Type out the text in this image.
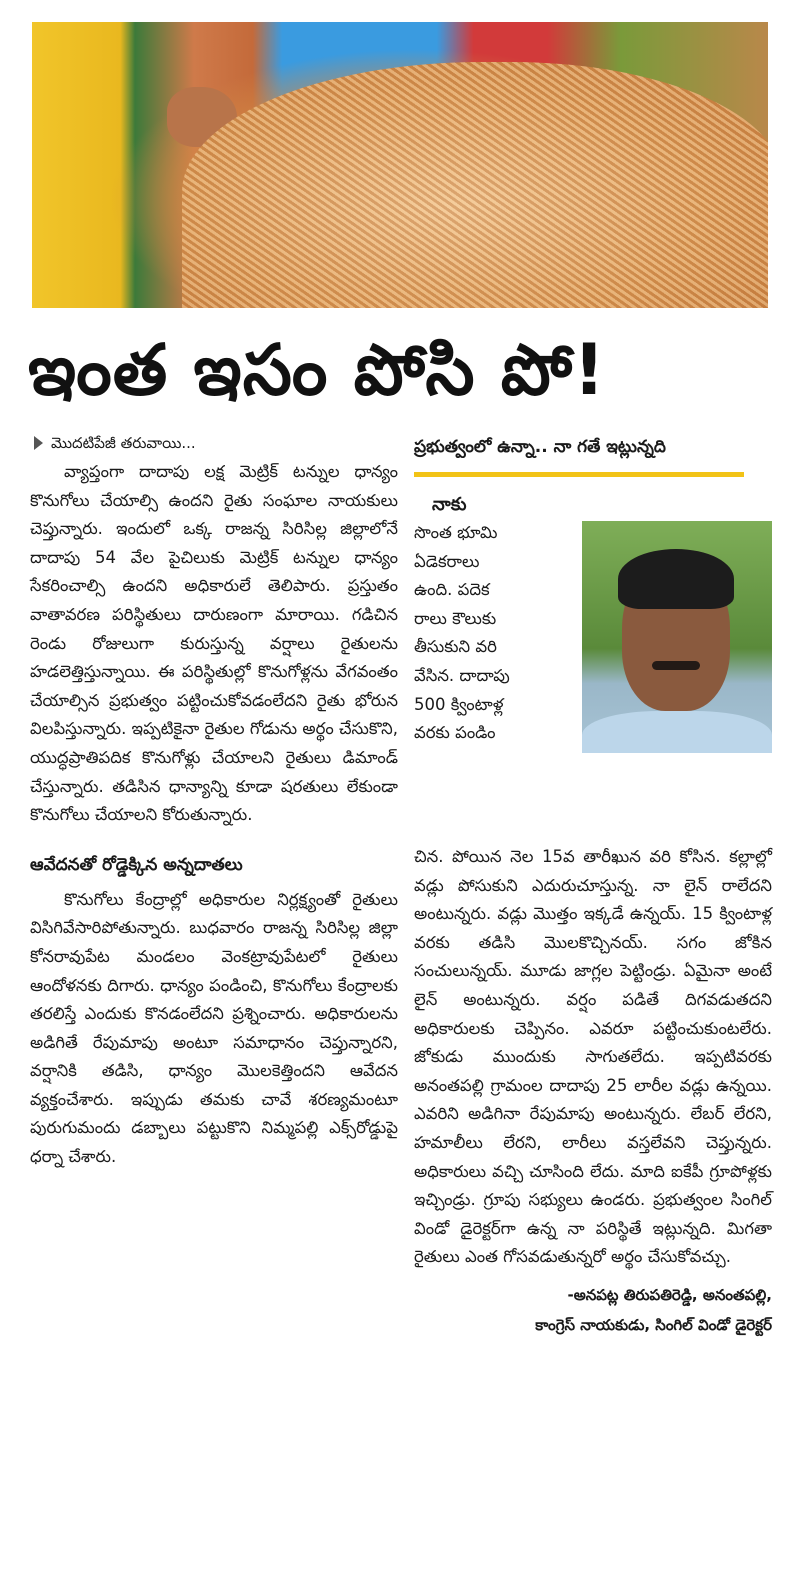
ఇంత ఇసం పోసి పో!
మొదటిపేజీ తరువాయి...

వ్యాప్తంగా దాదాపు లక్ష మెట్రిక్ టన్నుల ధాన్యం కొనుగోలు చేయాల్సి ఉందని రైతు సంఘాల నాయకులు చెప్తున్నారు. ఇందులో ఒక్క రాజన్న సిరిసిల్ల జిల్లాలోనే దాదాపు 54 వేల పైచిలుకు మెట్రిక్ టన్నుల ధాన్యం సేకరించాల్సి ఉందని అధికారులే తెలిపారు. ప్రస్తుతం వాతావరణ పరిస్థితులు దారుణంగా మారాయి. గడిచిన రెండు రోజులుగా కురుస్తున్న వర్షాలు రైతులను హడలెత్తిస్తున్నాయి. ఈ పరిస్థితుల్లో కొనుగోళ్లను వేగవంతం చేయాల్సిన ప్రభుత్వం పట్టించుకోవడంలేదని రైతు భోరున విలపిస్తున్నారు. ఇప్పటికైనా రైతుల గోడును అర్థం చేసుకొని, యుద్ధప్రాతిపదిక కొనుగోళ్లు చేయాలని రైతులు డిమాండ్ చేస్తున్నారు. తడిసిన ధాన్యాన్ని కూడా షరతులు లేకుండా కొనుగోలు చేయాలని కోరుతున్నారు.

ఆవేదనతో రోడ్డెక్కిన అన్నదాతలు

కొనుగోలు కేంద్రాల్లో అధికారుల నిర్లక్ష్యంతో రైతులు విసిగివేసారిపోతున్నారు. బుధవారం రాజన్న సిరిసిల్ల జిల్లా కోనరావుపేట మండలం వెంకట్రావుపేటలో రైతులు ఆందోళనకు దిగారు. ధాన్యం పండించి, కొనుగోలు కేంద్రాలకు తరలిస్తే ఎందుకు కొనడంలేదని ప్రశ్నించారు. అధికారులను అడిగితే రేపుమాపు అంటూ సమాధానం చెప్తున్నారని, వర్షానికి తడిసి, ధాన్యం మొలకెత్తిందని ఆవేదన వ్యక్తంచేశారు. ఇప్పుడు తమకు చావే శరణ్యమంటూ పురుగుమందు డబ్బాలు పట్టుకొని నిమ్మపల్లి ఎక్స్‌రోడ్డుపై ధర్నా చేశారు.

ప్రభుత్వంలో ఉన్నా.. నా గతే ఇట్లున్నది
నాకు
సొంత భూమి
ఏడెకరాలు
ఉంది. పదెక
రాలు కౌలుకు
తీసుకుని వరి
వేసిన. దాదాపు
500 క్వింటాళ్ల
వరకు పండిం

చిన. పోయిన నెల 15వ తారీఖున వరి కోసిన. కల్లాల్లో వడ్లు పోసుకుని ఎదురుచూస్తున్న. నా లైన్ రాలేదని అంటున్నరు. వడ్లు మొత్తం ఇక్కడే ఉన్నయ్. 15 క్వింటాళ్ల వరకు తడిసి మొలకొచ్చినయ్. సగం జోకిన సంచులున్నయ్. మూడు జాగ్లల పెట్టిండ్రు. ఏమైనా అంటే లైన్ అంటున్నరు. వర్షం పడితే దిగవడుతదని అధికారులకు చెప్పినం. ఎవరూ పట్టించుకుంటలేరు. జోకుడు ముందుకు సాగుతలేదు. ఇప్పటివరకు అనంతపల్లి గ్రామంల దాదాపు 25 లారీల వడ్లు ఉన్నయి. ఎవరిని అడిగినా రేపుమాపు అంటున్నరు. లేబర్ లేరని, హమాలీలు లేరని, లారీలు వస్తలేవని చెప్తున్నరు. అధికారులు వచ్చి చూసింది లేదు. మాది ఐకేపీ గ్రూపోళ్లకు ఇచ్చిండ్రు. గ్రూపు సభ్యులు ఉండరు. ప్రభుత్వంల సింగిల్ విండో డైరెక్టర్‌గా ఉన్న నా పరిస్థితే ఇట్లున్నది. మిగతా రైతులు ఎంత గోసవడుతున్నరో అర్థం చేసుకోవచ్చు.

-అనపట్ల తిరుపతిరెడ్డి, అనంతపల్లి,
కాంగ్రెస్ నాయకుడు, సింగిల్ విండో డైరెక్టర్
